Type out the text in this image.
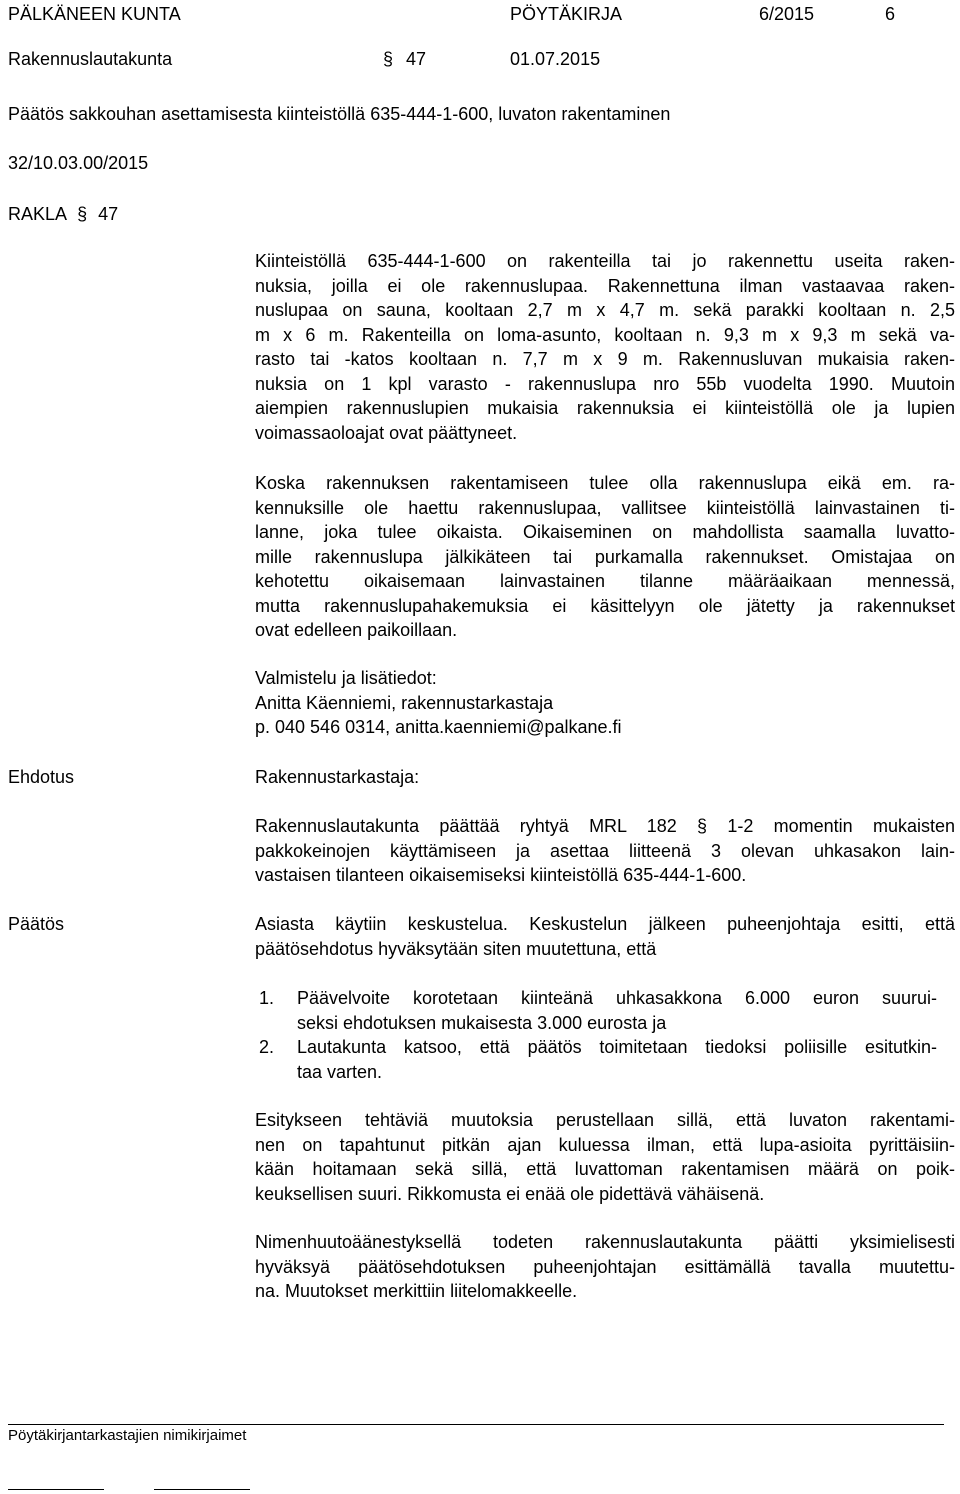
PÄLKÄNEEN KUNTA	PÖYTÄKIRJA	6/2015	6
Rakennuslautakunta	§ 47	01.07.2015
Päätös sakkouhan asettamisesta kiinteistöllä 635-444-1-600, luvaton rakentaminen
32/10.03.00/2015
RAKLA § 47
Kiinteistöllä 635-444-1-600 on rakenteilla tai jo rakennettu useita raken-
nuksia, joilla ei ole rakennuslupaa. Rakennettuna ilman vastaavaa raken-
nuslupaa on sauna, kooltaan 2,7 m x 4,7 m. sekä parakki kooltaan n. 2,5
m x 6 m. Rakenteilla on loma-asunto, kooltaan n. 9,3 m x 9,3 m sekä va-
rasto tai -katos kooltaan n. 7,7 m x 9 m. Rakennusluvan mukaisia raken-
nuksia on 1 kpl varasto - rakennuslupa nro 55b vuodelta 1990. Muutoin
aiempien rakennuslupien mukaisia rakennuksia ei kiinteistöllä ole ja lupien
voimassaoloajat ovat päättyneet.
Koska rakennuksen rakentamiseen tulee olla rakennuslupa eikä em. ra-
kennuksille ole haettu rakennuslupaa, vallitsee kiinteistöllä lainvastainen ti-
lanne, joka tulee oikaista. Oikaiseminen on mahdollista saamalla luvatto-
mille rakennuslupa jälkikäteen tai purkamalla rakennukset. Omistajaa on
kehotettu oikaisemaan lainvastainen tilanne määräaikaan mennessä,
mutta rakennuslupahakemuksia ei käsittelyyn ole jätetty ja rakennukset
ovat edelleen paikoillaan.
Valmistelu ja lisätiedot:
Anitta Käenniemi, rakennustarkastaja
p. 040 546 0314, anitta.kaenniemi@palkane.fi
Ehdotus	Rakennustarkastaja:
Rakennuslautakunta päättää ryhtyä MRL 182 § 1-2 momentin mukaisten
pakkokeinojen käyttämiseen ja asettaa liitteenä 3 olevan uhkasakon lain-
vastaisen tilanteen oikaisemiseksi kiinteistöllä 635-444-1-600.
Päätös	Asiasta käytiin keskustelua. Keskustelun jälkeen puheenjohtaja esitti, että
päätösehdotus hyväksytään siten muutettuna, että
1. Päävelvoite korotetaan kiinteänä uhkasakkona 6.000 euron suurui-
seksi ehdotuksen mukaisesta 3.000 eurosta ja
2. Lautakunta katsoo, että päätös toimitetaan tiedoksi poliisille esitutkin-
taa varten.
Esitykseen tehtäviä muutoksia perustellaan sillä, että luvaton rakentami-
nen on tapahtunut pitkän ajan kuluessa ilman, että lupa-asioita pyrittäisiin-
kään hoitamaan sekä sillä, että luvattoman rakentamisen määrä on poik-
keuksellisen suuri. Rikkomusta ei enää ole pidettävä vähäisenä.
Nimenhuutoäänestyksellä todeten rakennuslautakunta päätti yksimielisesti
hyväksyä päätösehdotuksen puheenjohtajan esittämällä tavalla muutettu-
na. Muutokset merkittiin liitelomakkeelle.
Pöytäkirjantarkastajien nimikirjaimet
